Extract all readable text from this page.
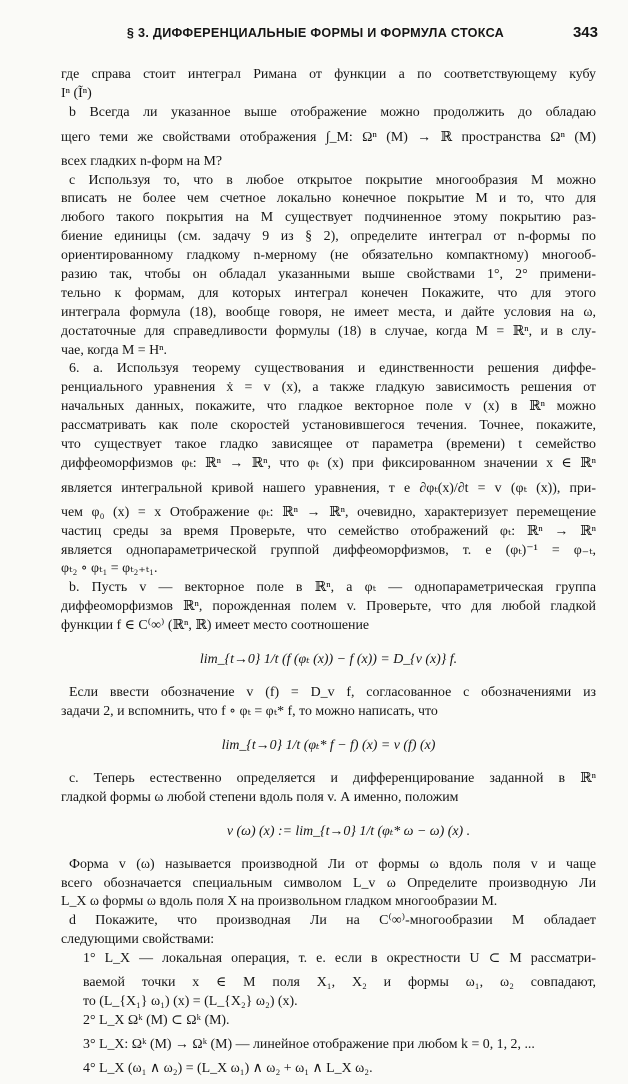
§ 3. ДИФФЕРЕНЦИАЛЬНЫЕ ФОРМЫ И ФОРМУЛА СТОКСА	343
где справа стоит интеграл Римана от функции a по соответствующему кубу
Iⁿ (Ĩⁿ)
b Всегда ли указанное выше отображение можно продолжить до обладаю
щего теми же свойствами отображения ∫_M: Ωⁿ (M) → ℝ пространства Ωⁿ (M)
всех гладких n-форм на M?
c Используя то, что в любое открытое покрытие многообразия M можно
вписать не более чем счетное локально конечное покрытие M и то, что для
любого такого покрытия на M существует подчиненное этому покрытию раз-
биение единицы (см. задачу 9 из § 2), определите интеграл от n-формы по
ориентированному гладкому n-мерному (не обязательно компактному) многооб-
разию так, чтобы он обладал указанными выше свойствами 1°, 2° примени-
тельно к формам, для которых интеграл конечен Покажите, что для этого
интеграла формула (18), вообще говоря, не имеет места, и дайте условия на ω,
достаточные для справедливости формулы (18) в случае, когда M = ℝⁿ, и в слу-
чае, когда M = Hⁿ.
6. a. Используя теорему существования и единственности решения диффе-
ренциального уравнения ẋ = v (x), а также гладкую зависимость решения от
начальных данных, покажите, что гладкое векторное поле v (x) в ℝⁿ можно
рассматривать как поле скоростей установившегося течения. Точнее, покажите,
что существует такое гладко зависящее от параметра (времени) t семейство
диффеоморфизмов φₜ: ℝⁿ → ℝⁿ, что φₜ (x) при фиксированном значении x ∈ ℝⁿ
является интегральной кривой нашего уравнения, т е ∂φₜ(x)/∂t = v (φₜ (x)), при-
чем φ₀ (x) = x Отображение φₜ: ℝⁿ → ℝⁿ, очевидно, характеризует перемещение
частиц среды за время Проверьте, что семейство отображений φₜ: ℝⁿ → ℝⁿ
является однопараметрической группой диффеоморфизмов, т. е (φₜ)⁻¹ = φ₋ₜ,
φₜ₂ ∘ φₜ₁ = φₜ₂₊ₜ₁.
b. Пусть v — векторное поле в ℝⁿ, а φₜ — однопараметрическая группа
диффеоморфизмов ℝⁿ, порожденная полем v. Проверьте, что для любой гладкой
функции f ∈ C⁽∞⁾ (ℝⁿ, ℝ) имеет место соотношение
lim_{t→0} 1/t (f (φₜ (x)) − f (x)) = D_{v (x)} f.
Если ввести обозначение v (f) = D_v f, согласованное с обозначениями из
задачи 2, и вспомнить, что f ∘ φₜ = φₜ* f, то можно написать, что
lim_{t→0} 1/t (φₜ* f − f) (x) = v (f) (x)
c. Теперь естественно определяется и дифференцирование заданной в ℝⁿ
гладкой формы ω любой степени вдоль поля v. А именно, положим
v (ω) (x) := lim_{t→0} 1/t (φₜ* ω − ω) (x) .
Форма v (ω) называется производной Ли от формы ω вдоль поля v и чаще
всего обозначается специальным символом L_v ω Определите производную Ли
L_X ω формы ω вдоль поля X на произвольном гладком многообразии M.
d Покажите, что производная Ли на C⁽∞⁾-многообразии M обладает
следующими свойствами:
1° L_X — локальная операция, т. е. если в окрестности U ⊂ M рассматри-
ваемой точки x ∈ M поля X₁, X₂ и формы ω₁, ω₂ совпадают,
то (L_{X₁} ω₁) (x) = (L_{X₂} ω₂) (x).
2° L_X Ωᵏ (M) ⊂ Ωᵏ (M).
3° L_X: Ωᵏ (M) → Ωᵏ (M) — линейное отображение при любом k = 0, 1, 2, ...
4° L_X (ω₁ ∧ ω₂) = (L_X ω₁) ∧ ω₂ + ω₁ ∧ L_X ω₂.
